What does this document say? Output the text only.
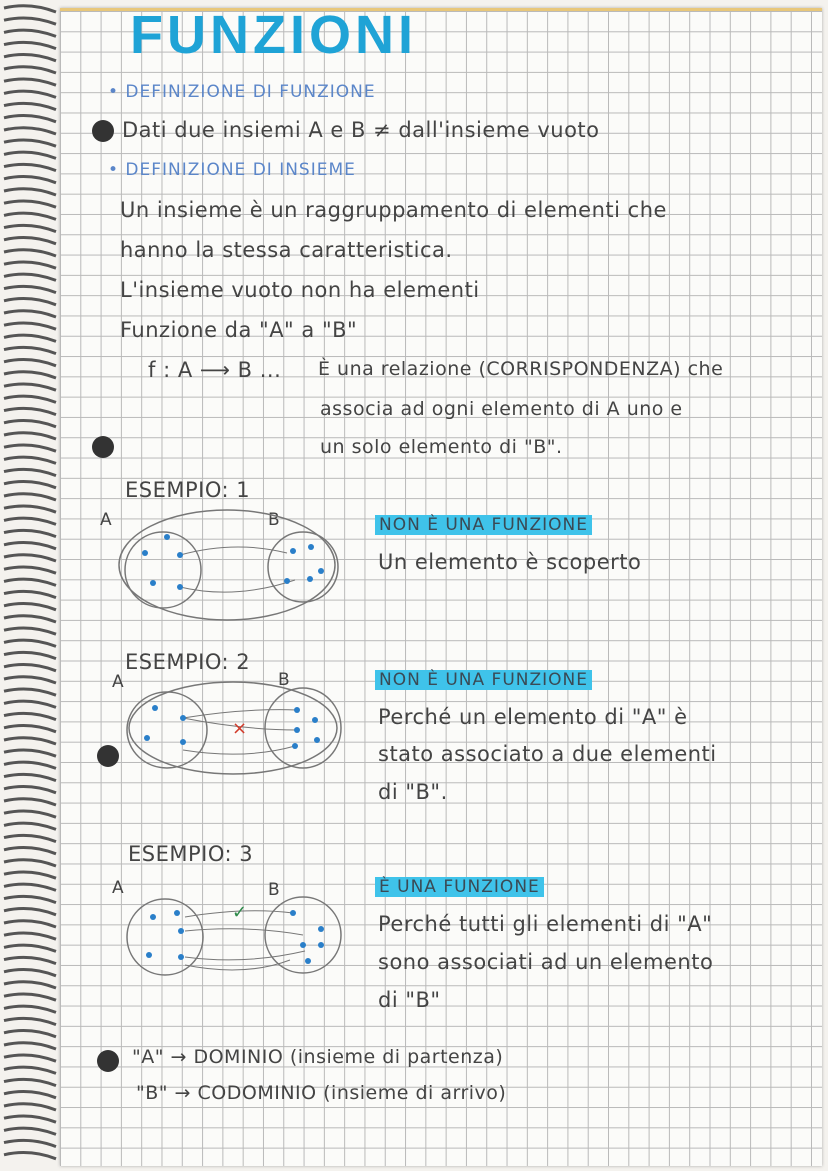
FUNZIONI
• DEFINIZIONE DI FUNZIONE
Dati due insiemi A e B ≠ dall'insieme vuoto
• DEFINIZIONE DI INSIEME
Un insieme è un raggruppamento di elementi che
hanno la stessa caratteristica.
L'insieme vuoto non ha elementi
Funzione da "A" a "B"
f : A ⟶ B ... È una relazione (CORRISPONDENZA) che
associa ad ogni elemento di A uno e
un solo elemento di "B".
ESEMPIO: 1
A	B	NON È UNA FUNZIONE
Un elemento è scoperto
ESEMPIO: 2
A	B
×
NON È UNA FUNZIONE
Perché un elemento di "A" è
stato associato a due elementi
di "B".
ESEMPIO: 3
A	B
✓
È UNA FUNZIONE
Perché tutti gli elementi di "A"
sono associati ad un elemento
di "B"
"A" → DOMINIO (insieme di partenza)
"B" → CODOMINIO (insieme di arrivo)
